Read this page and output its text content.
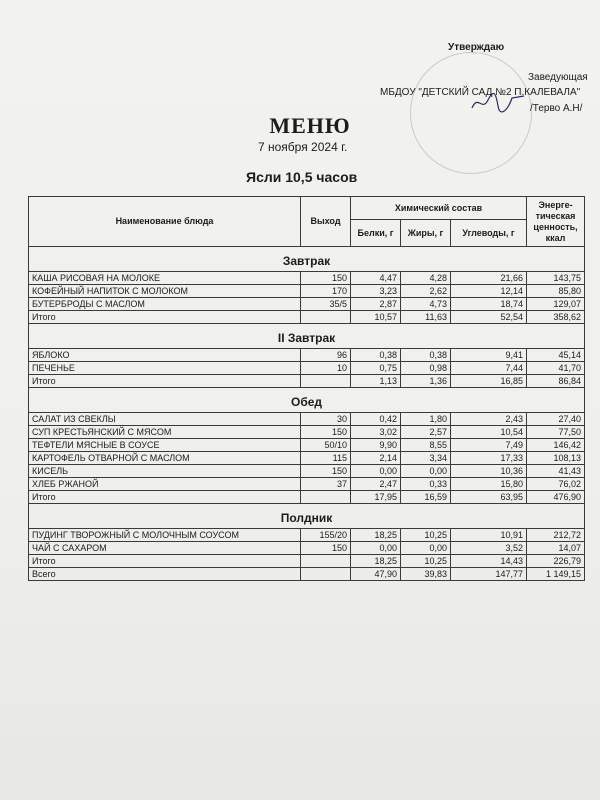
Утверждаю
Заведующая
МБДОУ "ДЕТСКИЙ САД №2 П.КАЛЕВАЛА"
/Терво А.Н/
МЕНЮ
7 ноября 2024 г.
Ясли 10,5 часов
Наименование блюда	Выход	Химический состав			Энерге-тическая ценность, ккал
		Белки, г	Жиры, г	Углеводы, г	
Завтрак					
КАША РИСОВАЯ НА МОЛОКЕ	150	4,47	4,28	21,66	143,75
КОФЕЙНЫЙ НАПИТОК С МОЛОКОМ	170	3,23	2,62	12,14	85,80
БУТЕРБРОДЫ С МАСЛОМ	35/5	2,87	4,73	18,74	129,07
Итого		10,57	11,63	52,54	358,62
II Завтрак					
ЯБЛОКО	96	0,38	0,38	9,41	45,14
ПЕЧЕНЬЕ	10	0,75	0,98	7,44	41,70
Итого		1,13	1,36	16,85	86,84
Обед					
САЛАТ ИЗ СВЕКЛЫ	30	0,42	1,80	2,43	27,40
СУП КРЕСТЬЯНСКИЙ С МЯСОМ	150	3,02	2,57	10,54	77,50
ТЕФТЕЛИ МЯСНЫЕ В СОУСЕ	50/10	9,90	8,55	7,49	146,42
КАРТОФЕЛЬ ОТВАРНОЙ С МАСЛОМ	115	2,14	3,34	17,33	108,13
КИСЕЛЬ	150	0,00	0,00	10,36	41,43
ХЛЕБ РЖАНОЙ	37	2,47	0,33	15,80	76,02
Итого		17,95	16,59	63,95	476,90
Полдник					
ПУДИНГ ТВОРОЖНЫЙ С МОЛОЧНЫМ СОУСОМ	155/20	18,25	10,25	10,91	212,72
ЧАЙ С САХАРОМ	150	0,00	0,00	3,52	14,07
Итого		18,25	10,25	14,43	226,79
Всего		47,90	39,83	147,77	1 149,15
